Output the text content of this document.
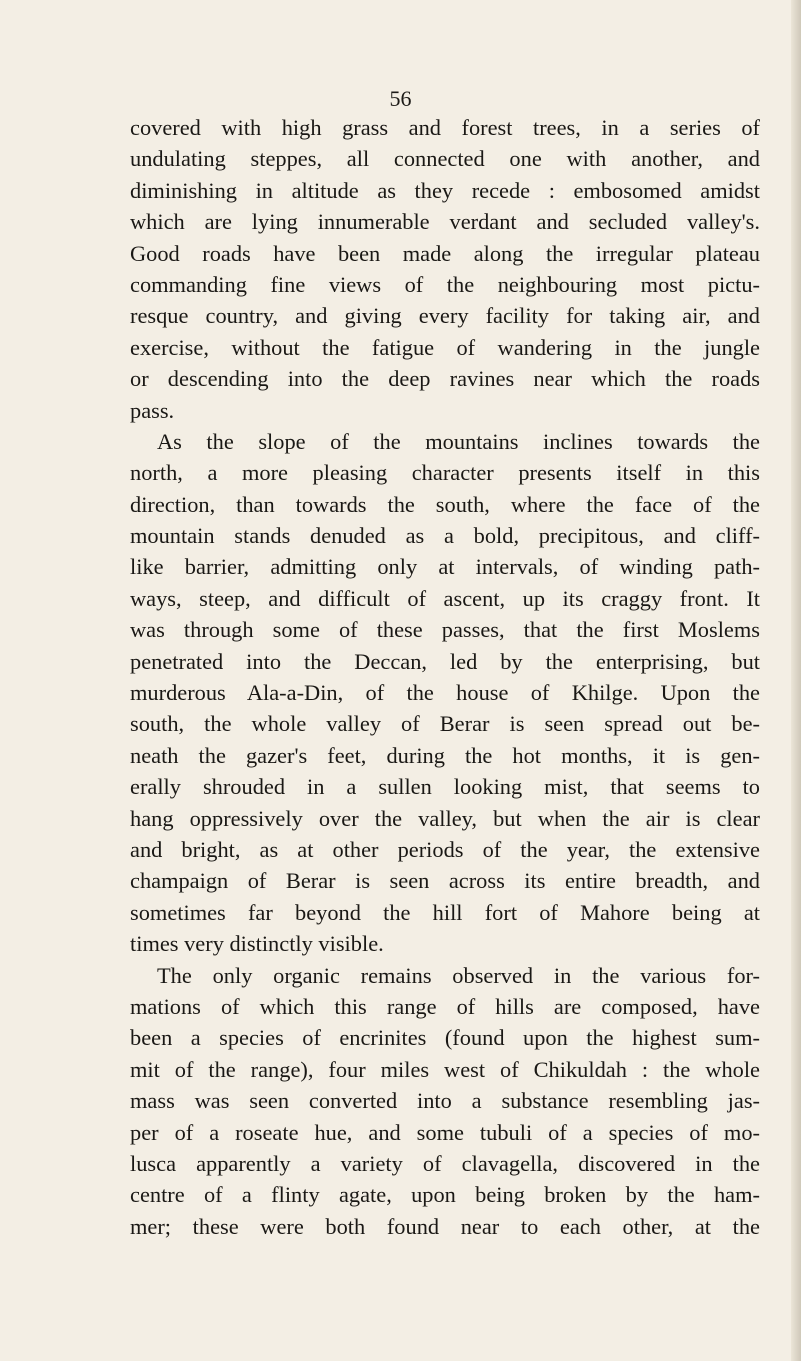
56
covered with high grass and forest trees, in a series of
undulating steppes, all connected one with another, and
diminishing in altitude as they recede : embosomed amidst
which are lying innumerable verdant and secluded valley's.
Good roads have been made along the irregular plateau
commanding fine views of the neighbouring most pictu-
resque country, and giving every facility for taking air, and
exercise, without the fatigue of wandering in the jungle
or descending into the deep ravines near which the roads
pass.
As the slope of the mountains inclines towards the
north, a more pleasing character presents itself in this
direction, than towards the south, where the face of the
mountain stands denuded as a bold, precipitous, and cliff-
like barrier, admitting only at intervals, of winding path-
ways, steep, and difficult of ascent, up its craggy front. It
was through some of these passes, that the first Moslems
penetrated into the Deccan, led by the enterprising, but
murderous Ala-a-Din, of the house of Khilge. Upon the
south, the whole valley of Berar is seen spread out be-
neath the gazer's feet, during the hot months, it is gen-
erally shrouded in a sullen looking mist, that seems to
hang oppressively over the valley, but when the air is clear
and bright, as at other periods of the year, the extensive
champaign of Berar is seen across its entire breadth, and
sometimes far beyond the hill fort of Mahore being at
times very distinctly visible.
The only organic remains observed in the various for-
mations of which this range of hills are composed, have
been a species of encrinites (found upon the highest sum-
mit of the range), four miles west of Chikuldah : the whole
mass was seen converted into a substance resembling jas-
per of a roseate hue, and some tubuli of a species of mo-
lusca apparently a variety of clavagella, discovered in the
centre of a flinty agate, upon being broken by the ham-
mer; these were both found near to each other, at the
